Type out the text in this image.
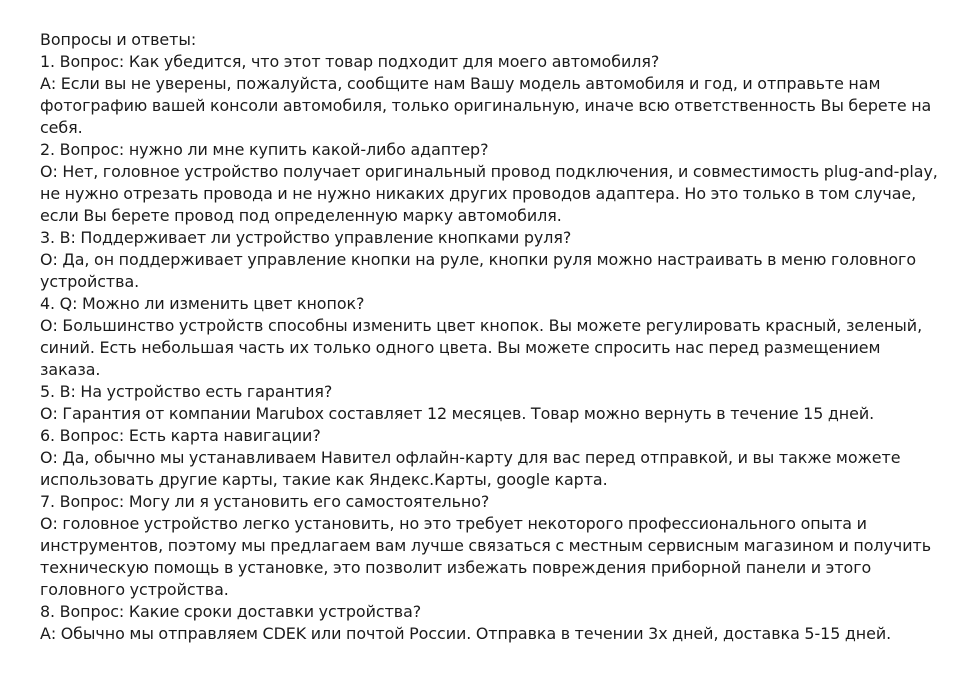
Вопросы и ответы:

1. Вопрос: Как убедится, что этот товар подходит для моего автомобиля?

А: Если вы не уверены, пожалуйста, сообщите нам Вашу модель автомобиля и год, и отправьте нам фотографию вашей консоли автомобиля, только оригинальную, иначе всю ответственность Вы берете на себя.

2. Вопрос: нужно ли мне купить какой-либо адаптер?

О: Нет, головное устройство получает оригинальный провод подключения, и совместимость plug-and-play, не нужно отрезать провода и не нужно никаких других проводов адаптера. Но это только в том случае, если Вы берете провод под определенную марку автомобиля.

3. В: Поддерживает ли устройство управление кнопками руля?

О: Да, он поддерживает управление кнопки на руле, кнопки руля можно настраивать в меню головного устройства.

4. Q: Можно ли изменить цвет кнопок?

О: Большинство устройств способны изменить цвет кнопок. Вы можете регулировать красный, зеленый, синий. Есть небольшая часть их только одного цвета. Вы можете спросить нас перед размещением заказа.

5. В: На устройство есть гарантия?

О: Гарантия от компании Marubox составляет 12 месяцев. Товар можно вернуть в течение 15 дней.

6. Вопрос: Есть карта навигации?

О: Да, обычно мы устанавливаем Навител офлайн-карту для вас перед отправкой, и вы также можете использовать другие карты, такие как Яндекс.Карты, google карта.

7. Вопрос: Могу ли я установить его самостоятельно?

О: головное устройство легко установить, но это требует некоторого профессионального опыта и инструментов, поэтому мы предлагаем вам лучше связаться с местным сервисным магазином и получить техническую помощь в установке, это позволит избежать повреждения приборной панели и этого головного устройства.

8. Вопрос: Какие сроки доставки устройства?

А: Обычно мы отправляем CDEK или почтой России. Отправка в течении 3х дней, доставка 5-15 дней.
